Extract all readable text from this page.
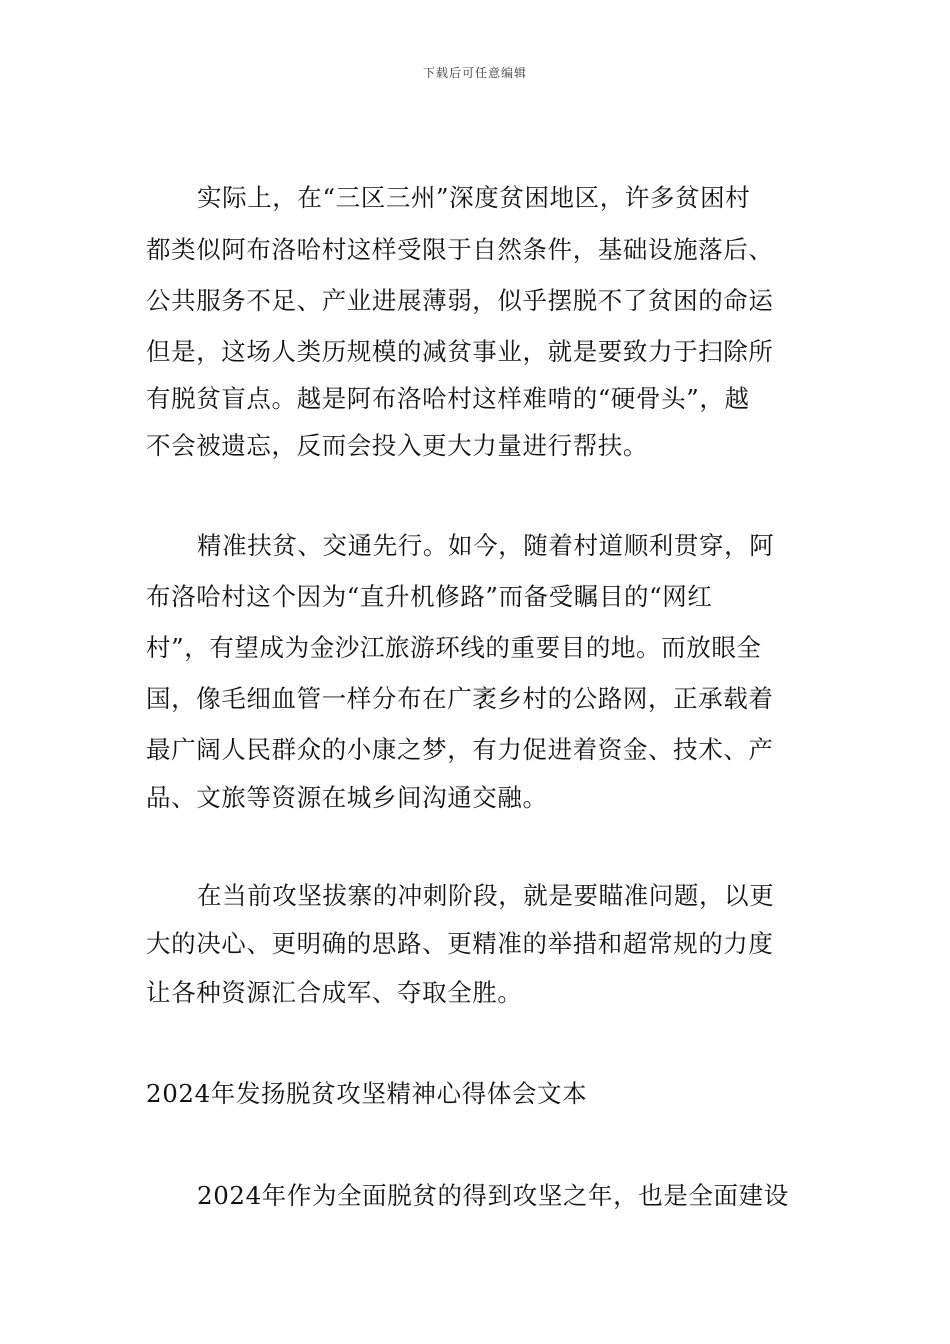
下载后可任意编辑
实际上，在“三区三州”深度贫困地区，许多贫困村
都类似阿布洛哈村这样受限于自然条件，基础设施落后、
公共服务不足、产业进展薄弱，似乎摆脱不了贫困的命运
但是，这场人类历规模的减贫事业，就是要致力于扫除所
有脱贫盲点。越是阿布洛哈村这样难啃的“硬骨头”，越
不会被遗忘，反而会投入更大力量进行帮扶。
精准扶贫、交通先行。如今，随着村道顺利贯穿，阿
布洛哈村这个因为“直升机修路”而备受瞩目的“网红
村”，有望成为金沙江旅游环线的重要目的地。而放眼全
国，像毛细血管一样分布在广袤乡村的公路网，正承载着
最广阔人民群众的小康之梦，有力促进着资金、技术、产
品、文旅等资源在城乡间沟通交融。
在当前攻坚拔寨的冲刺阶段，就是要瞄准问题，以更
大的决心、更明确的思路、更精准的举措和超常规的力度
让各种资源汇合成军、夺取全胜。
2024年发扬脱贫攻坚精神心得体会文本
2024年作为全面脱贫的得到攻坚之年，也是全面建设
